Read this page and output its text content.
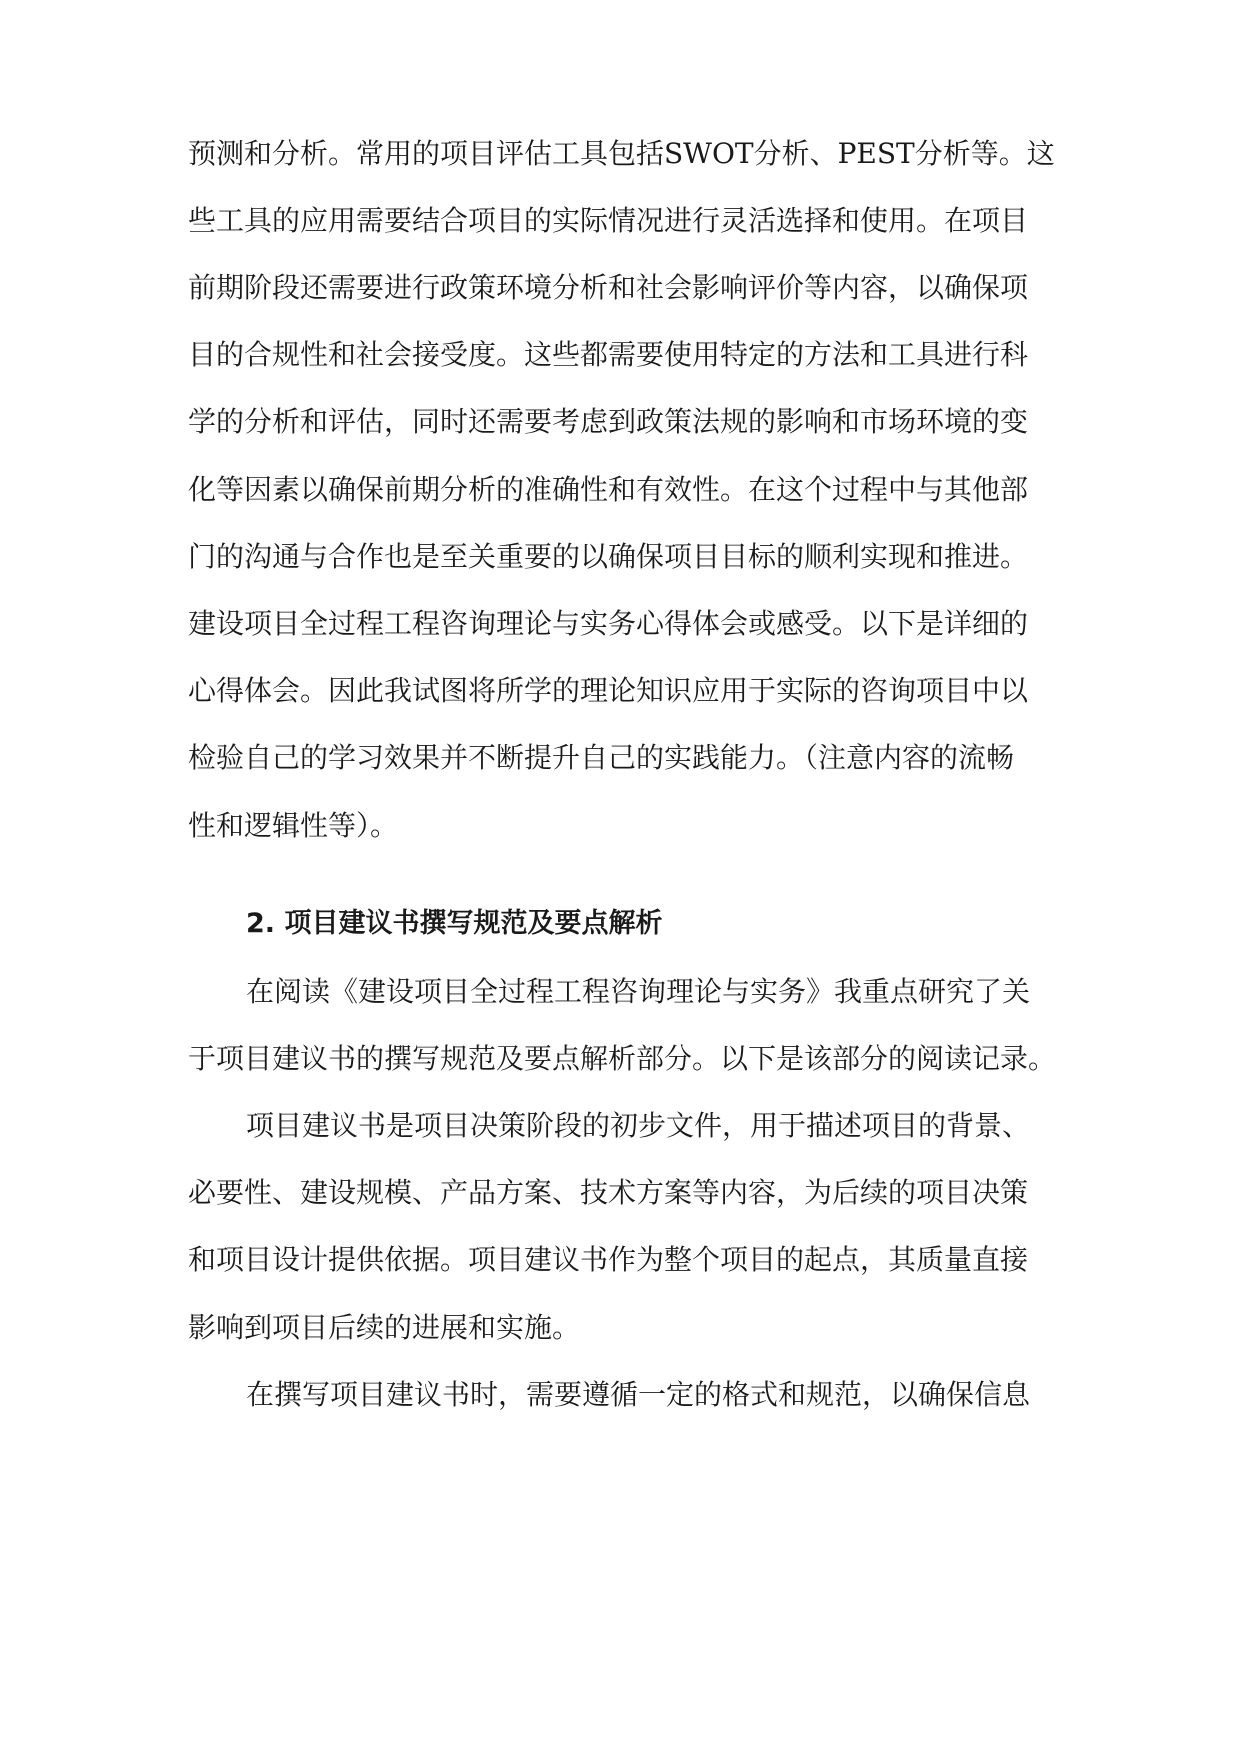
预测和分析。常用的项目评估工具包括SWOT分析、PEST分析等。这
些工具的应用需要结合项目的实际情况进行灵活选择和使用。在项目
前期阶段还需要进行政策环境分析和社会影响评价等内容，以确保项
目的合规性和社会接受度。这些都需要使用特定的方法和工具进行科
学的分析和评估，同时还需要考虑到政策法规的影响和市场环境的变
化等因素以确保前期分析的准确性和有效性。在这个过程中与其他部
门的沟通与合作也是至关重要的以确保项目目标的顺利实现和推进。
建设项目全过程工程咨询理论与实务心得体会或感受。以下是详细的
心得体会。因此我试图将所学的理论知识应用于实际的咨询项目中以
检验自己的学习效果并不断提升自己的实践能力。（注意内容的流畅
性和逻辑性等）。
2. 项目建议书撰写规范及要点解析
在阅读《建设项目全过程工程咨询理论与实务》我重点研究了关
于项目建议书的撰写规范及要点解析部分。以下是该部分的阅读记录。
项目建议书是项目决策阶段的初步文件，用于描述项目的背景、
必要性、建设规模、产品方案、技术方案等内容，为后续的项目决策
和项目设计提供依据。项目建议书作为整个项目的起点，其质量直接
影响到项目后续的进展和实施。
在撰写项目建议书时，需要遵循一定的格式和规范，以确保信息
